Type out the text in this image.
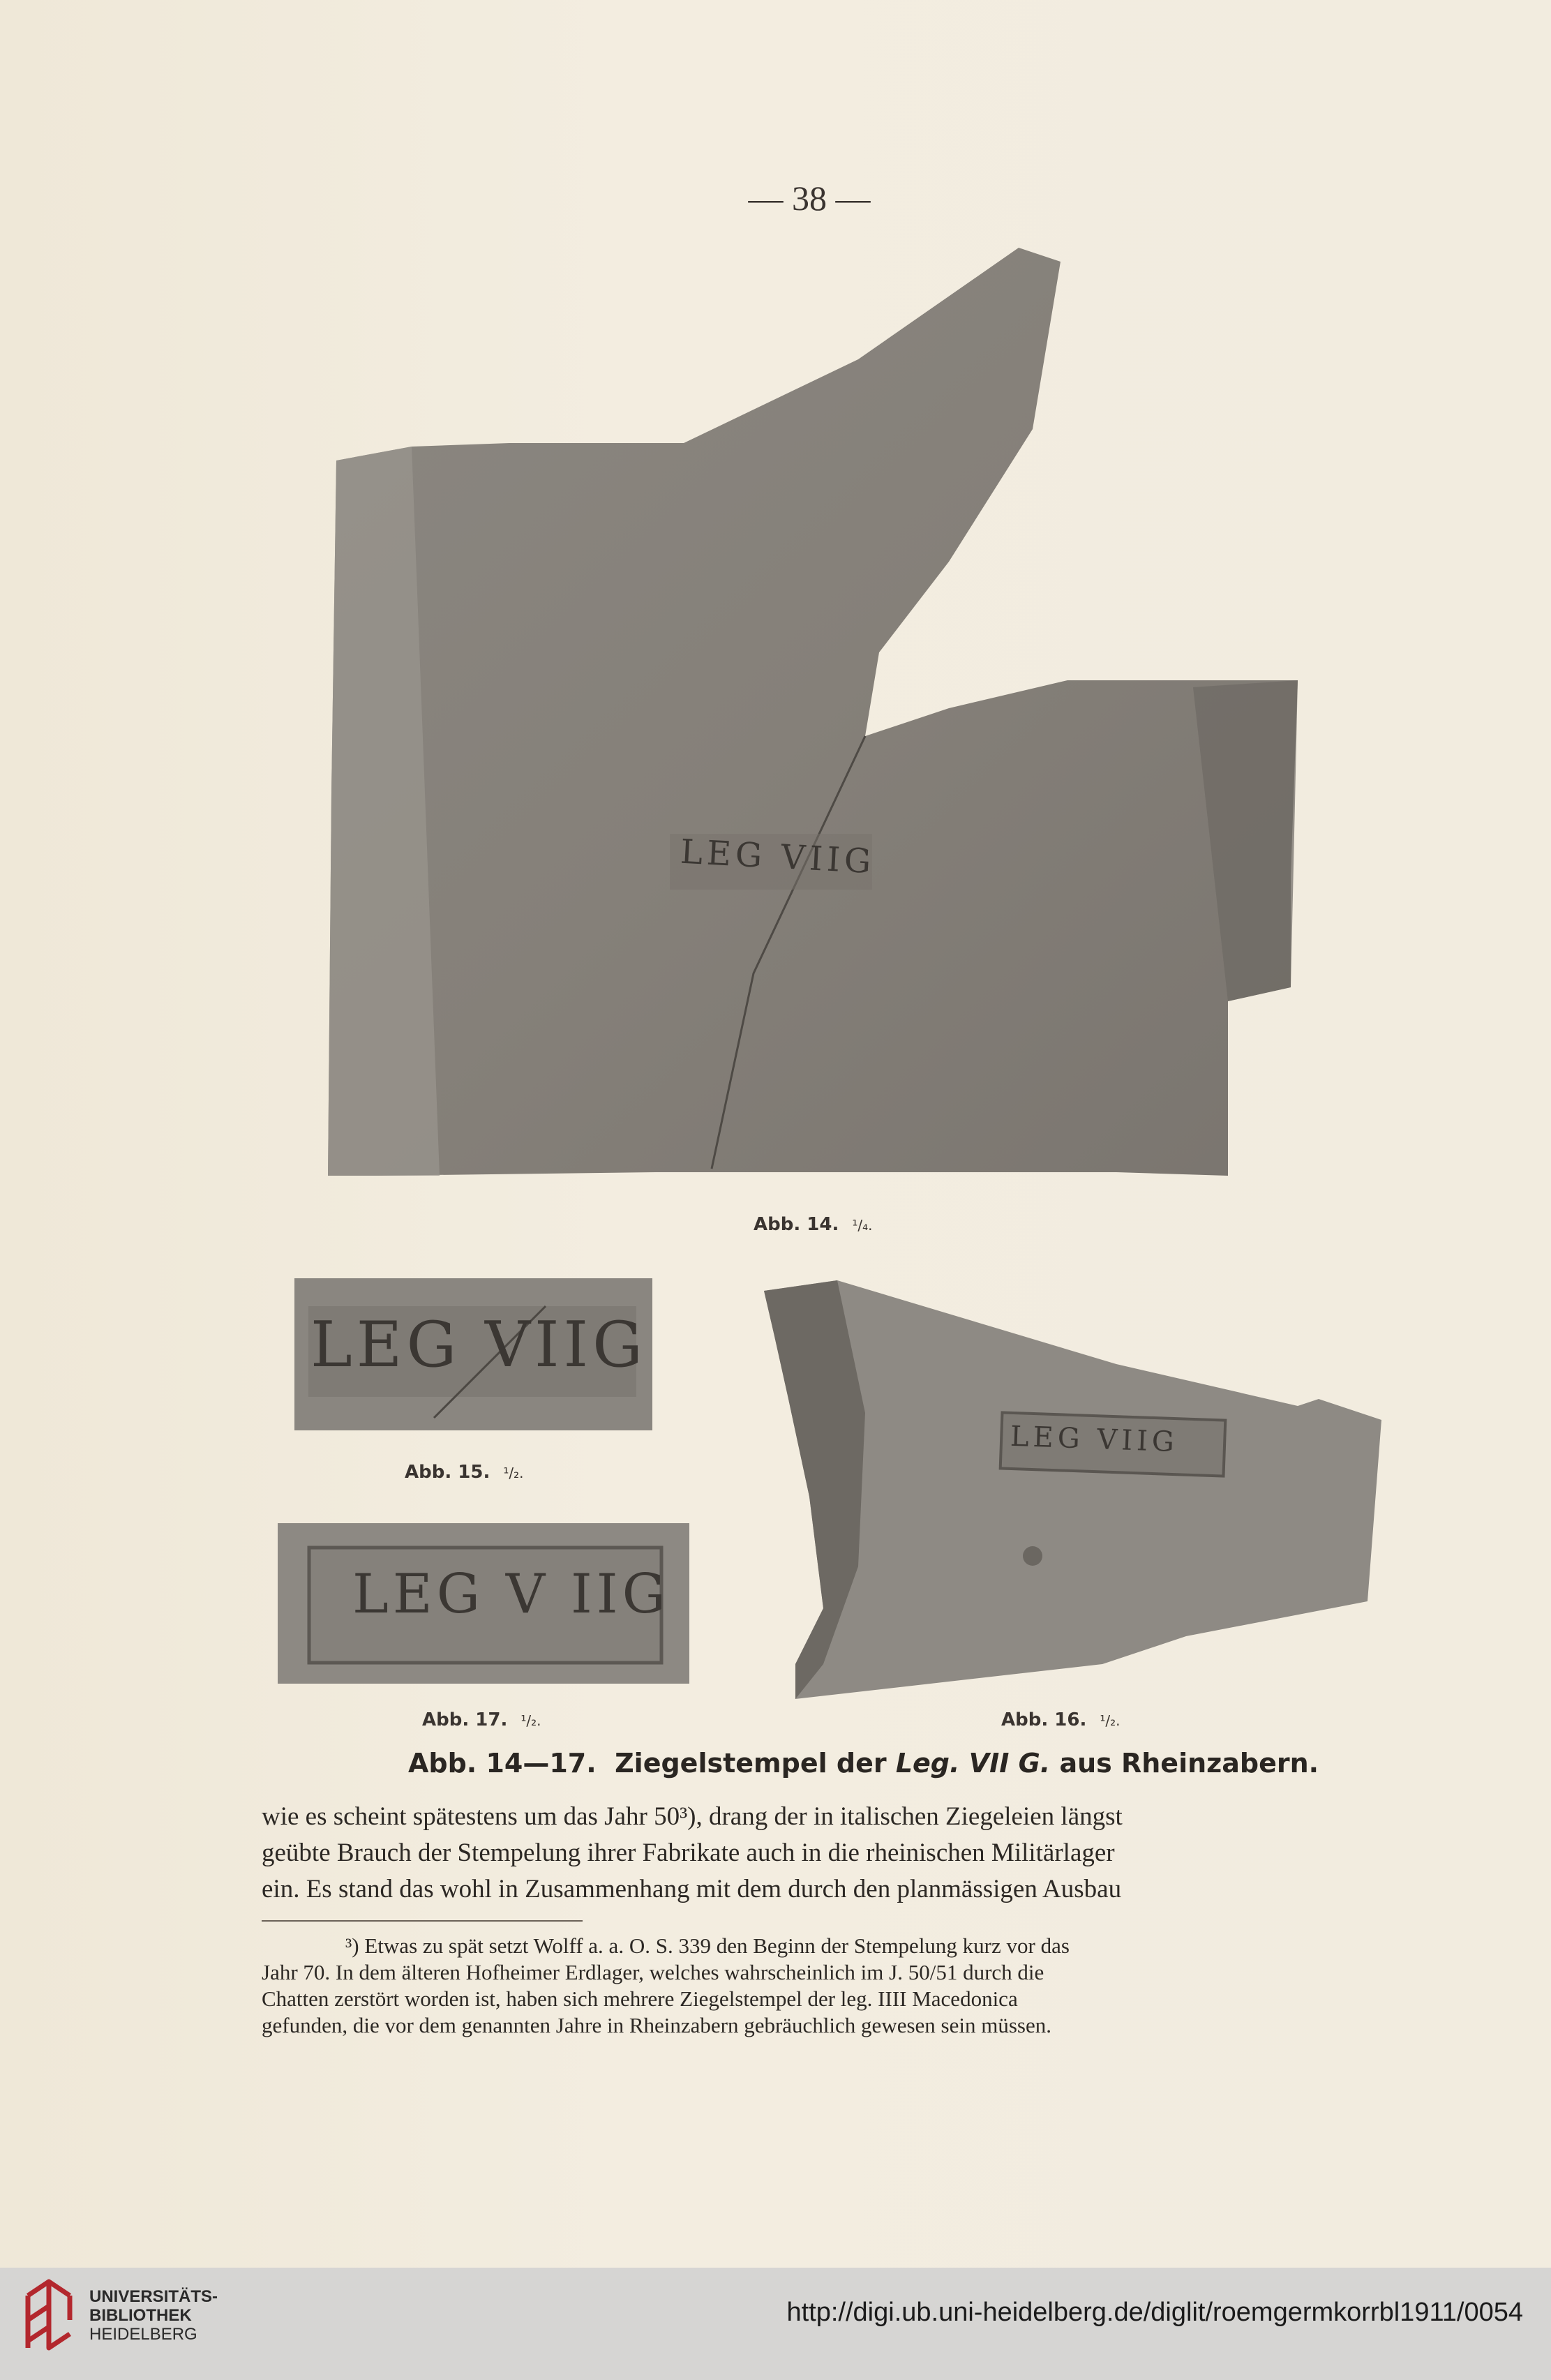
— 38 —
LEG VIIG
Abb. 14. ¹/₄.
LEG VIIG
Abb. 15. ¹/₂.
LEG V IIG
Abb. 17. ¹/₂.
LEG VIIG
Abb. 16. ¹/₂.
Abb. 14—17.  Ziegelstempel der Leg. VII G. aus Rheinzabern.
wie es scheint spätestens um das Jahr 50³), drang der in italischen Ziegeleien längst
geübte Brauch der Stempelung ihrer Fabrikate auch in die rheinischen Militärlager
ein. Es stand das wohl in Zusammenhang mit dem durch den planmässigen Ausbau
³) Etwas zu spät setzt Wolff a. a. O. S. 339 den Beginn der Stempelung kurz vor das
Jahr 70. In dem älteren Hofheimer Erdlager, welches wahrscheinlich im J. 50/51 durch die
Chatten zerstört worden ist, haben sich mehrere Ziegelstempel der leg. IIII Macedonica
gefunden, die vor dem genannten Jahre in Rheinzabern gebräuchlich gewesen sein müssen.
UNIVERSITÄTS-
BIBLIOTHEK
HEIDELBERG
http://digi.ub.uni-heidelberg.de/diglit/roemgermkorrbl1911/0054
